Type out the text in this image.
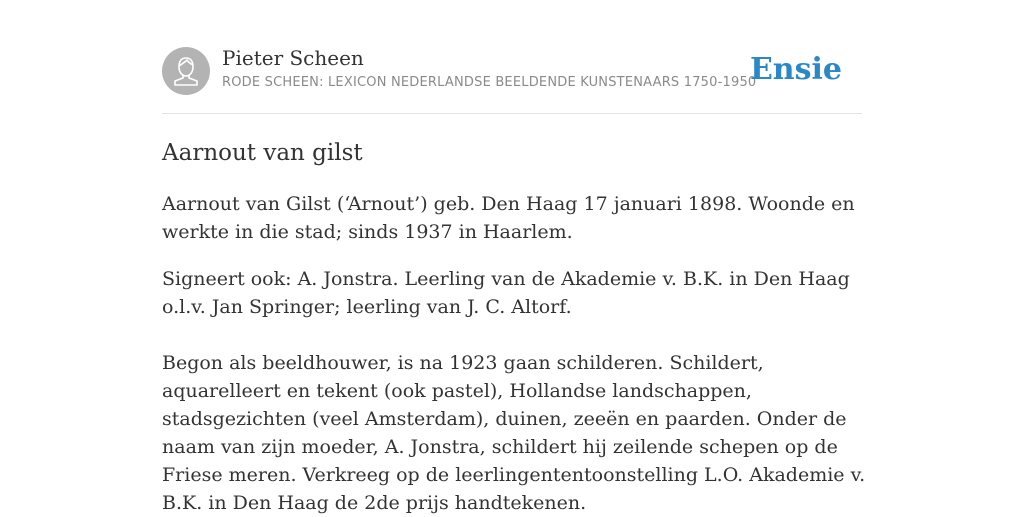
Pieter Scheen
RODE SCHEEN: LEXICON NEDERLANDSE BEELDENDE KUNSTENAARS 1750-1950
Ensie
Aarnout van gilst

Aarnout van Gilst (‘Arnout’) geb. Den Haag 17 januari 1898. Woonde en werkte in die stad; sinds 1937 in Haarlem.

Signeert ook: A. Jonstra. Leerling van de Akademie v. B.K. in Den Haag o.l.v. Jan Springer; leerling van J. C. Altorf.

Begon als beeldhouwer, is na 1923 gaan schilderen. Schildert, aquarelleert en tekent (ook pastel), Hollandse landschappen, stadsgezichten (veel Amsterdam), duinen, zeeën en paarden. Onder de naam van zijn moeder, A. Jonstra, schildert hij zeilende schepen op de Friese meren. Verkreeg op de leerlingententoonstelling L.O. Akademie v. B.K. in Den Haag de 2de prijs handtekenen.
